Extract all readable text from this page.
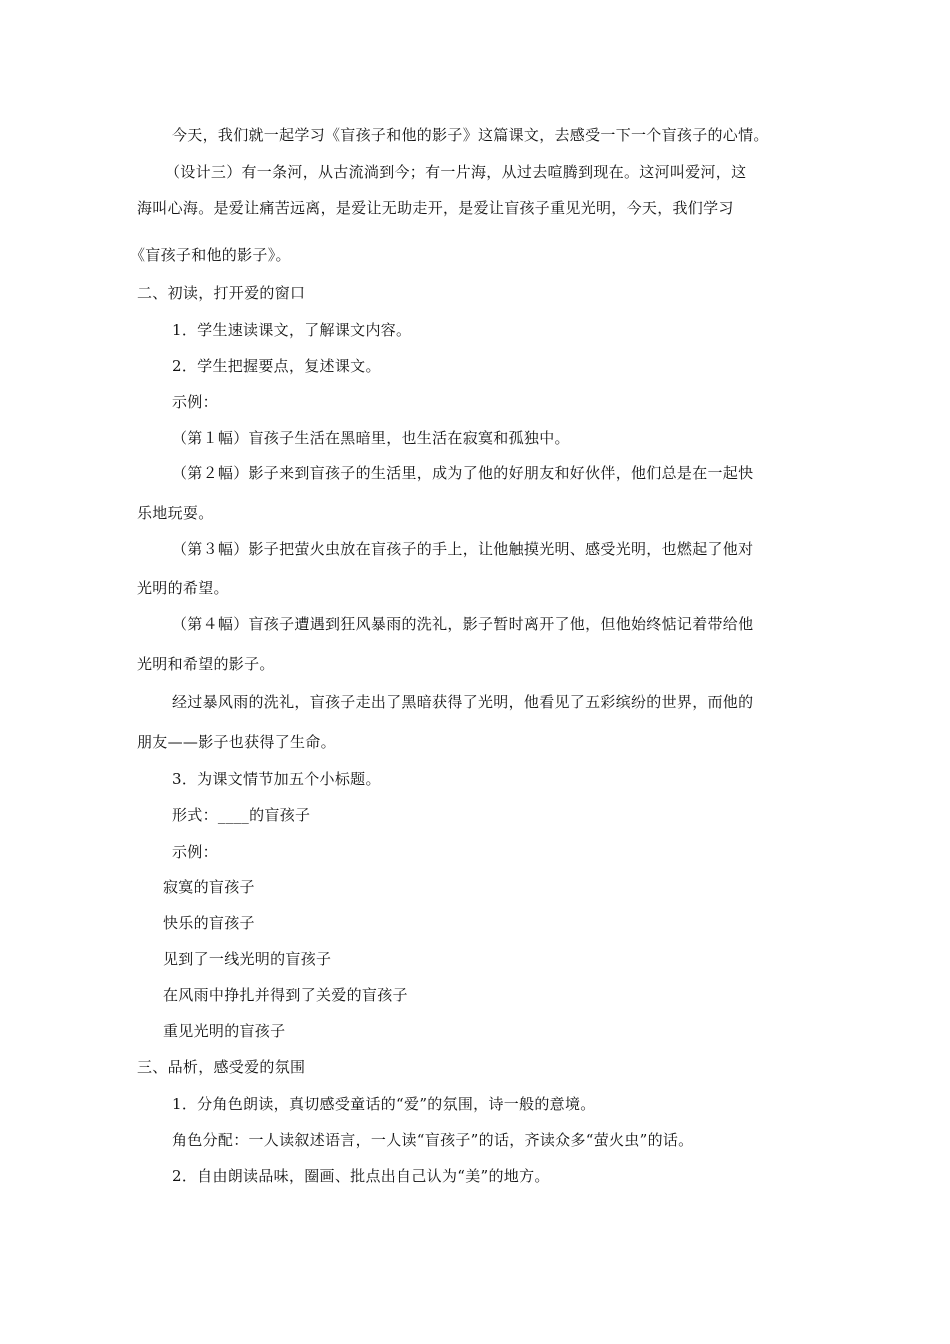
今天，我们就一起学习《盲孩子和他的影子》这篇课文，去感受一下一个盲孩子的心情。
（设计三）有一条河，从古流淌到今；有一片海，从过去喧腾到现在。这河叫爱河，这
海叫心海。是爱让痛苦远离，是爱让无助走开，是爱让盲孩子重见光明，今天，我们学习
《盲孩子和他的影子》。
二、初读，打开爱的窗口
1．学生速读课文，了解课文内容。
2．学生把握要点，复述课文。
示例：
（第１幅）盲孩子生活在黑暗里，也生活在寂寞和孤独中。
（第２幅）影子来到盲孩子的生活里，成为了他的好朋友和好伙伴，他们总是在一起快
乐地玩耍。
（第３幅）影子把萤火虫放在盲孩子的手上，让他触摸光明、感受光明，也燃起了他对
光明的希望。
（第４幅）盲孩子遭遇到狂风暴雨的洗礼，影子暂时离开了他，但他始终惦记着带给他
光明和希望的影子。
经过暴风雨的洗礼，盲孩子走出了黑暗获得了光明，他看见了五彩缤纷的世界，而他的
朋友——影子也获得了生命。
3．为课文情节加五个小标题。
形式：____的盲孩子
示例：
寂寞的盲孩子
快乐的盲孩子
见到了一线光明的盲孩子
在风雨中挣扎并得到了关爱的盲孩子
重见光明的盲孩子
三、品析，感受爱的氛围
1．分角色朗读，真切感受童话的“爱”的氛围，诗一般的意境。
角色分配：一人读叙述语言，一人读“盲孩子”的话，齐读众多“萤火虫”的话。
2．自由朗读品味，圈画、批点出自己认为“美”的地方。
